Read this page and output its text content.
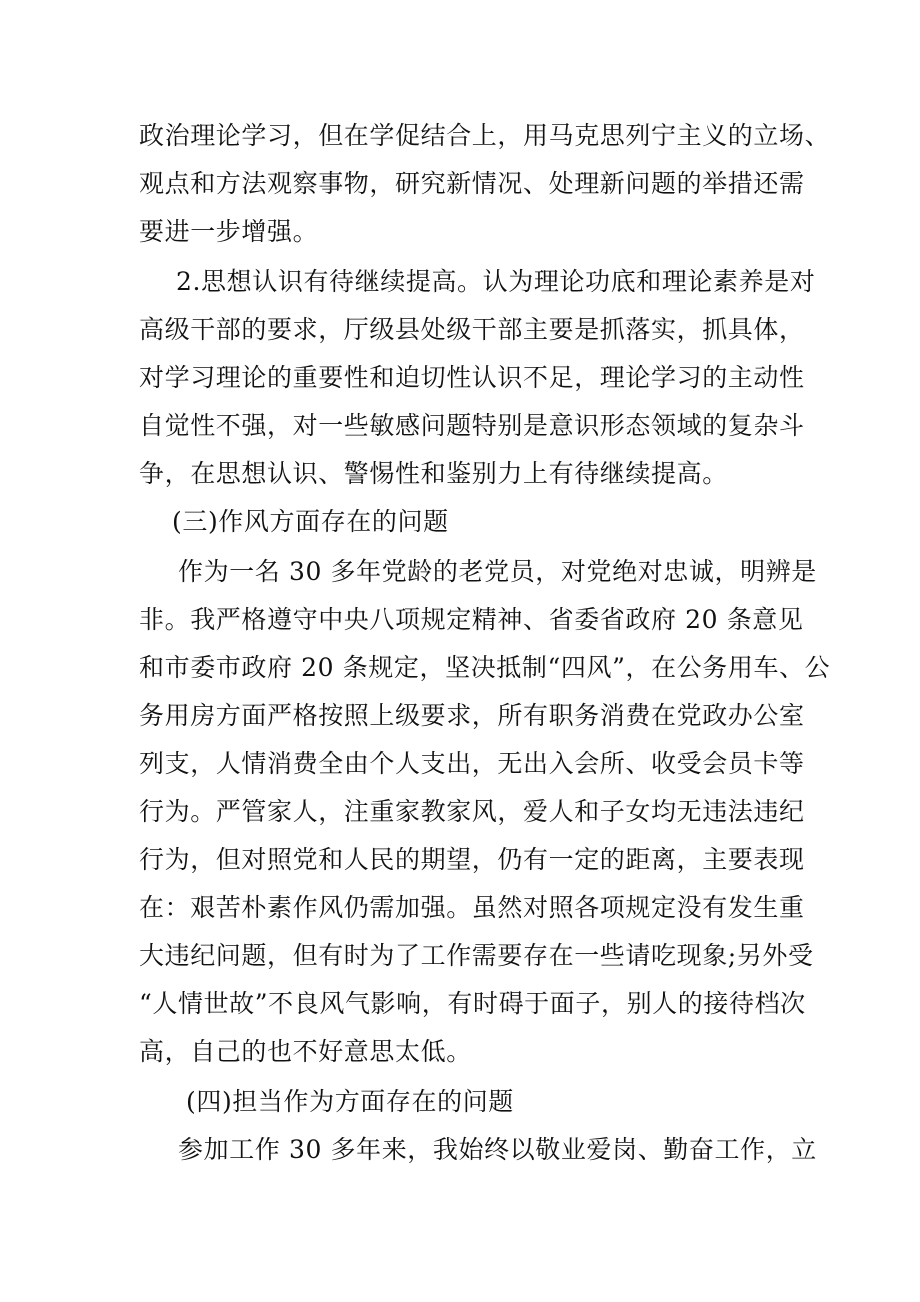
政治理论学习，但在学促结合上，用马克思列宁主义的立场、
观点和方法观察事物，研究新情况、处理新问题的举措还需
要进一步增强。
2.思想认识有待继续提高。认为理论功底和理论素养是对
高级干部的要求，厅级县处级干部主要是抓落实，抓具体，
对学习理论的重要性和迫切性认识不足，理论学习的主动性
自觉性不强，对一些敏感问题特别是意识形态领域的复杂斗
争，在思想认识、警惕性和鉴别力上有待继续提高。
(三)作风方面存在的问题
作为一名 30 多年党龄的老党员，对党绝对忠诚，明辨是
非。我严格遵守中央八项规定精神、省委省政府 20 条意见
和市委市政府 20 条规定，坚决抵制“四风”，在公务用车、公
务用房方面严格按照上级要求，所有职务消费在党政办公室
列支，人情消费全由个人支出，无出入会所、收受会员卡等
行为。严管家人，注重家教家风，爱人和子女均无违法违纪
行为，但对照党和人民的期望，仍有一定的距离，主要表现
在：艰苦朴素作风仍需加强。虽然对照各项规定没有发生重
大违纪问题，但有时为了工作需要存在一些请吃现象;另外受
“人情世故”不良风气影响，有时碍于面子，别人的接待档次
高，自己的也不好意思太低。
(四)担当作为方面存在的问题
参加工作 30 多年来，我始终以敬业爱岗、勤奋工作，立
